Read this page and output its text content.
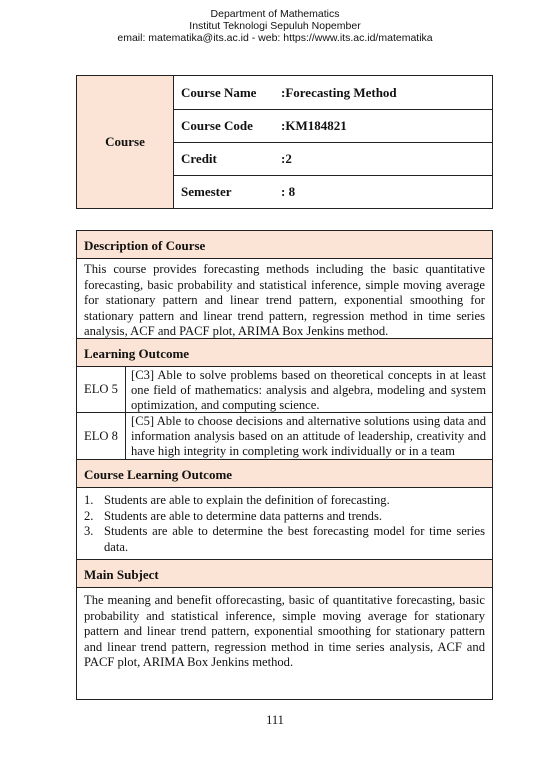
Department of Mathematics
Institut Teknologi Sepuluh Nopember
email: matematika@its.ac.id - web: https://www.its.ac.id/matematika
Course
Course Name :Forecasting Method
Course Code :KM184821
Credit	:2
Semester	: 8
Description of Course
This course provides forecasting methods including the basic quantitative forecasting, basic probability and statistical inference, simple moving average for stationary pattern and linear trend pattern, exponential smoothing for stationary pattern and linear trend pattern, regression method in time series analysis, ACF and PACF plot, ARIMA Box Jenkins method.
Learning Outcome
ELO 5
[C3] Able to solve problems based on theoretical concepts in at least one field of mathematics: analysis and algebra, modeling and system optimization, and computing science.
ELO 8
[C5] Able to choose decisions and alternative solutions using data and information analysis based on an attitude of leadership, creativity and have high integrity in completing work individually or in a team
Course Learning Outcome
1. Students are able to explain the definition of forecasting.
2. Students are able to determine data patterns and trends.
3. Students are able to determine the best forecasting model for time series data.
Main Subject
The meaning and benefit offorecasting, basic of quantitative forecasting, basic probability and statistical inference, simple moving average for stationary pattern and linear trend pattern, exponential smoothing for stationary pattern and linear trend pattern, regression method in time series analysis, ACF and PACF plot, ARIMA Box Jenkins method.
111
